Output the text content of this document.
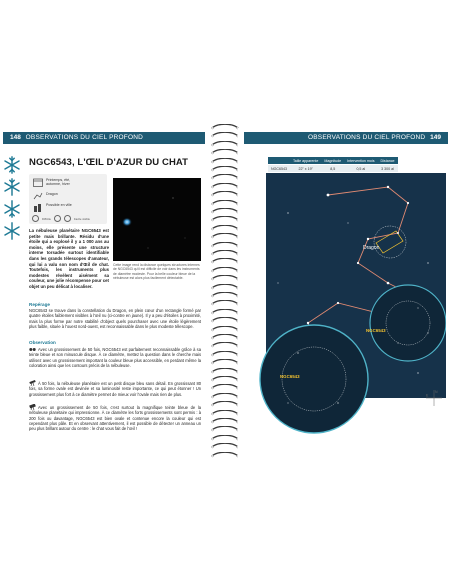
148 OBSERVATIONS DU CIEL PROFOND
NGC6543, L'ŒIL D'AZUR DU CHAT
Printemps, été, automne, hiver
Dragon
Possible en ville
Difficile	Facile visible
La nébuleuse planétaire NGC6543 est petite mais brillante. Résidu d'une étoile qui a explosé il y a 1 000 ans au moins, elle présente une structure interne torsadée surtout identifiable dans les grands télescopes d'amateur, qui lui a valu son nom d'Œil de chat. Toutefois, les instruments plus modestes révèlent aisément sa couleur, une jolie récompense pour cet objet un peu délicat à localiser.
Cette image rend la distance quelques structures internes de NGC6543 qu'il est difficile de voir dans les instruments de diamètre modeste. Pour la belle couleur bleue de la nébuleuse est alors plus facilement détectable.
Repérage
NGC6543 se trouve dans la constellation du Dragon, en plein cœur d'un rectangle formé par quatre étoiles faiblement visibles à l'œil nu (ci-contre en jaune). Il y a peu d'étoiles à proximité, mais la plus forme par notre stabilité d'object quels pourchaser avec une étoile légèrement plus faible, située à l'ouest nord-ouest, est reconnaissable dans le plus modeste télescope.
Observation
Avec un grossissement de 50 fois, NGC6543 est parfaitement reconnaissable grâce à sa teinte bleue et son minuscule disque. À ce diamètre, mettez la question dans le cherche mais utilisez avec un grossissement important la couleur bleue plus accessible, en perdant même la coloration ainsi que les contours précis de la nébuleuse.
À 50 fois, la nébuleuse planétaire est un petit disque bleu sans détail. En grossissant 80 fois, sa forme ovale est devinée et sa luminosité reste importante, ce qui peut étonner ! Un grossissement plus fort à ce diamètre permet de mieux voir l'ovale mais rien de plus.
Avec un grossissement de 50 fois, c'est surtout la magnifique teinte bleue de la nébuleuse planétaire qui impressionne. À ce diamètre les forts grossissements sont permis : à 200 fois ou davantage, NGC6543 est bien ovale et contenue encore la couleur qui est cependant plus pâle. Et en observant attentivement, il est possible de détecter un anneau un peu plus brillant autour du centre : le chat vous fait de l'œil !
OBSERVATIONS DU CIEL PROFOND 149
	Taille apparente	Magnitude	Intervention mois	Distance
NGC6543	22" x 19"	8,5	0,5 al	3 300 al
Dragon
NGC6543
NGC6543
N
E
